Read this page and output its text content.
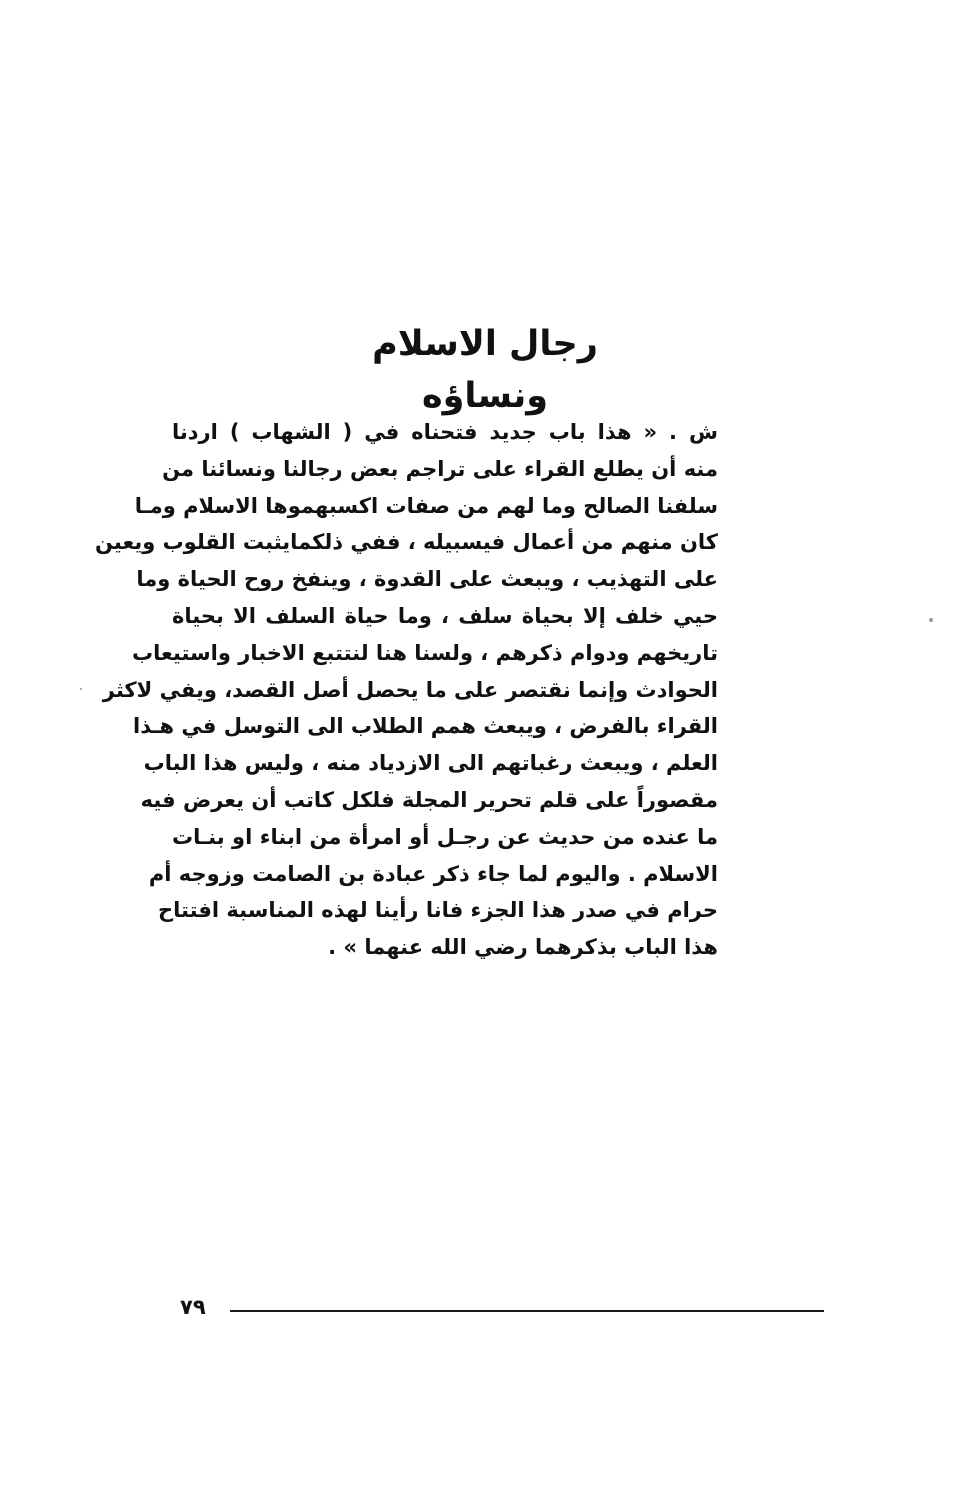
رجال الاسلام ونساؤه
ش . « هذا باب جديد فتحناه في ( الشهاب ) اردنا
منه أن يطلع القراء على تراجم بعض رجالنا ونسائنا من
سلفنا الصالح وما لهم من صفات اكسبهموها الاسلام ومـا
كان منهم من أعمال فيسبيله ، ففي ذلكمايثبت القلوب ويعين
على التهذيب ، ويبعث على القدوة ، وينفخ روح الحياة وما
حيي خلف إلا بحياة سلف ، وما حياة السلف الا بحياة
تاريخهم ودوام ذكرهم ، ولسنا هنا لنتتبع الاخبار واستيعاب
الحوادث وإنما نقتصر على ما يحصل أصل القصد، ويفي لاكثر
القراء بالفرض ، ويبعث همم الطلاب الى التوسل في هـذا
العلم ، ويبعث رغباتهم الى الازدياد منه ، وليس هذا الباب
مقصوراً على قلم تحرير المجلة فلكل كاتب أن يعرض فيه
ما عنده من حديث عن رجـل أو امرأة من ابناء او بنـات
الاسلام . واليوم لما جاء ذكر عبادة بن الصامت وزوجه أم
حرام في صدر هذا الجزء فانا رأينا لهذه المناسبة افتتاح
هذا الباب بذكرهما رضي الله عنهما » .
٧٩
